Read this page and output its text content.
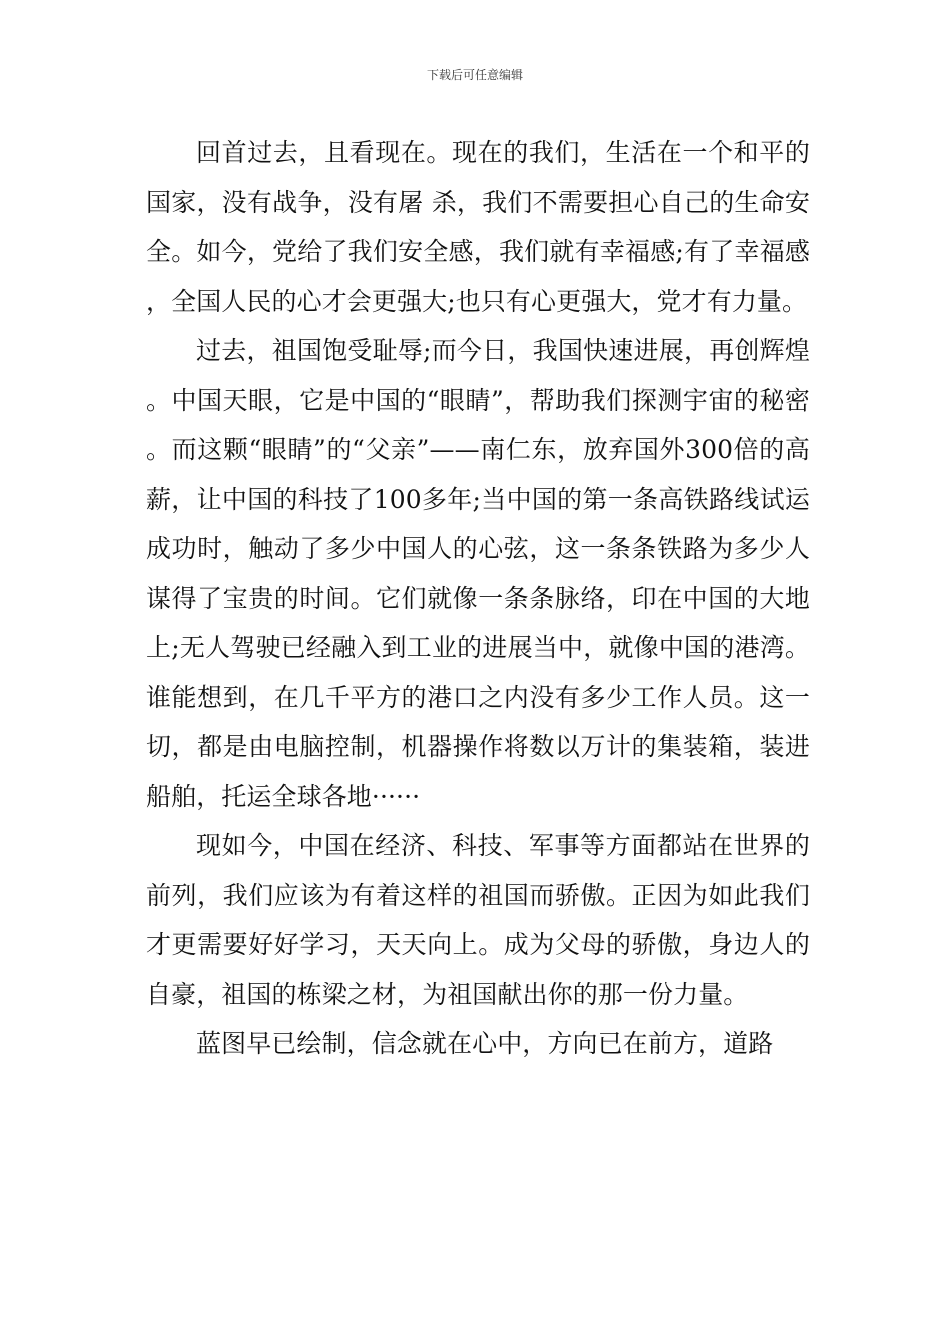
下载后可任意编辑

回首过去，且看现在。现在的我们，生活在一个和平的国家，没有战争，没有屠 杀，我们不需要担心自己的生命安全。如今，党给了我们安全感，我们就有幸福感;有了幸福感，全国人民的心才会更强大;也只有心更强大，党才有力量。

过去，祖国饱受耻辱;而今日，我国快速进展，再创辉煌。中国天眼，它是中国的“眼睛”，帮助我们探测宇宙的秘密。而这颗“眼睛”的“父亲”——南仁东，放弃国外300倍的高薪，让中国的科技了100多年;当中国的第一条高铁路线试运成功时，触动了多少中国人的心弦，这一条条铁路为多少人谋得了宝贵的时间。它们就像一条条脉络，印在中国的大地上;无人驾驶已经融入到工业的进展当中，就像中国的港湾。谁能想到，在几千平方的港口之内没有多少工作人员。这一切，都是由电脑控制，机器操作将数以万计的集装箱，装进船舶，托运全球各地······

现如今，中国在经济、科技、军事等方面都站在世界的前列，我们应该为有着这样的祖国而骄傲。正因为如此我们才更需要好好学习，天天向上。成为父母的骄傲，身边人的自豪，祖国的栋梁之材，为祖国献出你的那一份力量。

蓝图早已绘制，信念就在心中，方向已在前方，道路
